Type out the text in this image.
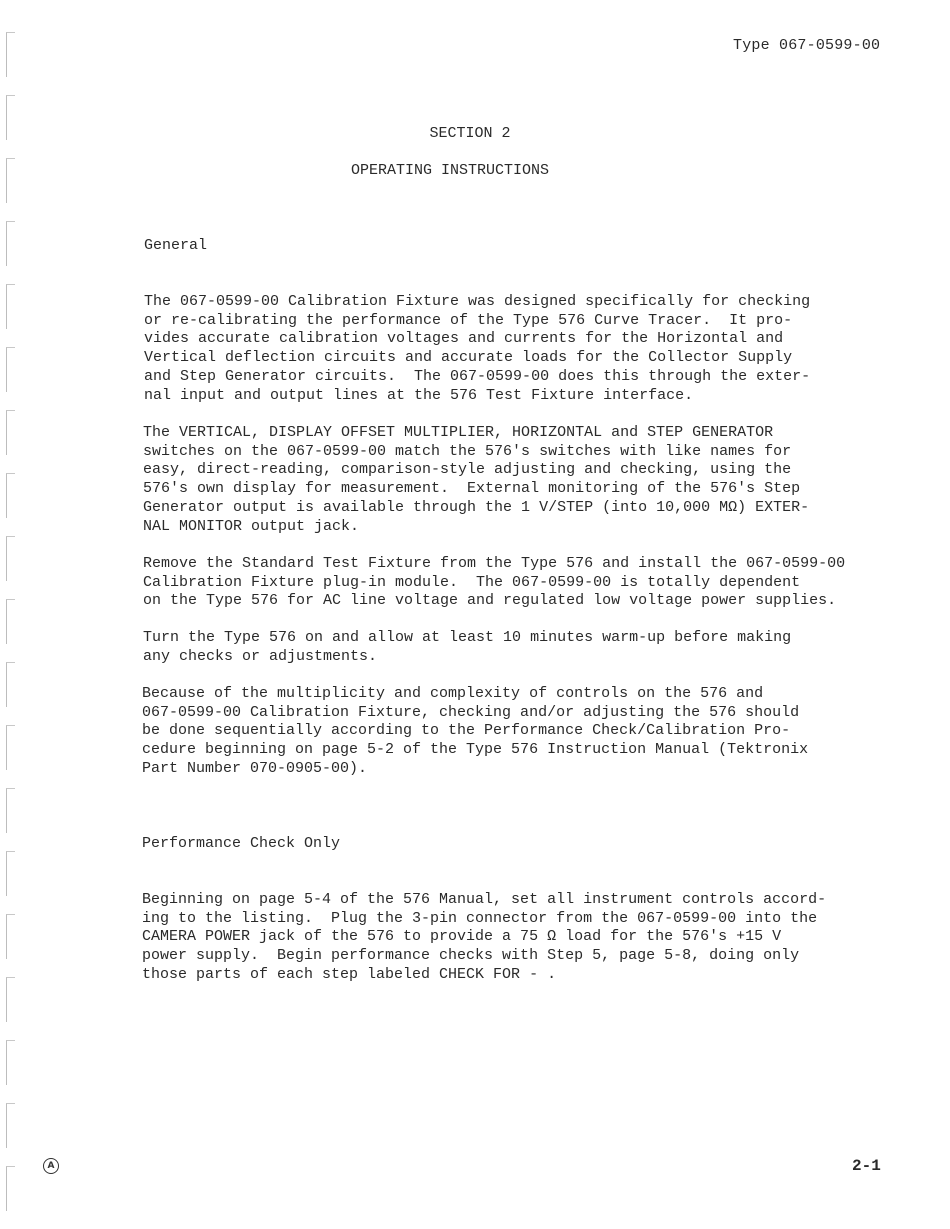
Type 067-0599-00
SECTION 2
OPERATING INSTRUCTIONS
General
The 067-0599-00 Calibration Fixture was designed specifically for checking
or re-calibrating the performance of the Type 576 Curve Tracer.  It pro-
vides accurate calibration voltages and currents for the Horizontal and
Vertical deflection circuits and accurate loads for the Collector Supply
and Step Generator circuits.  The 067-0599-00 does this through the exter-
nal input and output lines at the 576 Test Fixture interface.
The VERTICAL, DISPLAY OFFSET MULTIPLIER, HORIZONTAL and STEP GENERATOR
switches on the 067-0599-00 match the 576's switches with like names for
easy, direct-reading, comparison-style adjusting and checking, using the
576's own display for measurement.  External monitoring of the 576's Step
Generator output is available through the 1 V/STEP (into 10,000 MΩ) EXTER-
NAL MONITOR output jack.
Remove the Standard Test Fixture from the Type 576 and install the 067-0599-00
Calibration Fixture plug-in module.  The 067-0599-00 is totally dependent
on the Type 576 for AC line voltage and regulated low voltage power supplies.
Turn the Type 576 on and allow at least 10 minutes warm-up before making
any checks or adjustments.
Because of the multiplicity and complexity of controls on the 576 and
067-0599-00 Calibration Fixture, checking and/or adjusting the 576 should
be done sequentially according to the Performance Check/Calibration Pro-
cedure beginning on page 5-2 of the Type 576 Instruction Manual (Tektronix
Part Number 070-0905-00).
Performance Check Only
Beginning on page 5-4 of the 576 Manual, set all instrument controls accord-
ing to the listing.  Plug the 3-pin connector from the 067-0599-00 into the
CAMERA POWER jack of the 576 to provide a 75 Ω load for the 576's +15 V
power supply.  Begin performance checks with Step 5, page 5-8, doing only
those parts of each step labeled CHECK FOR - .
A	2-1
